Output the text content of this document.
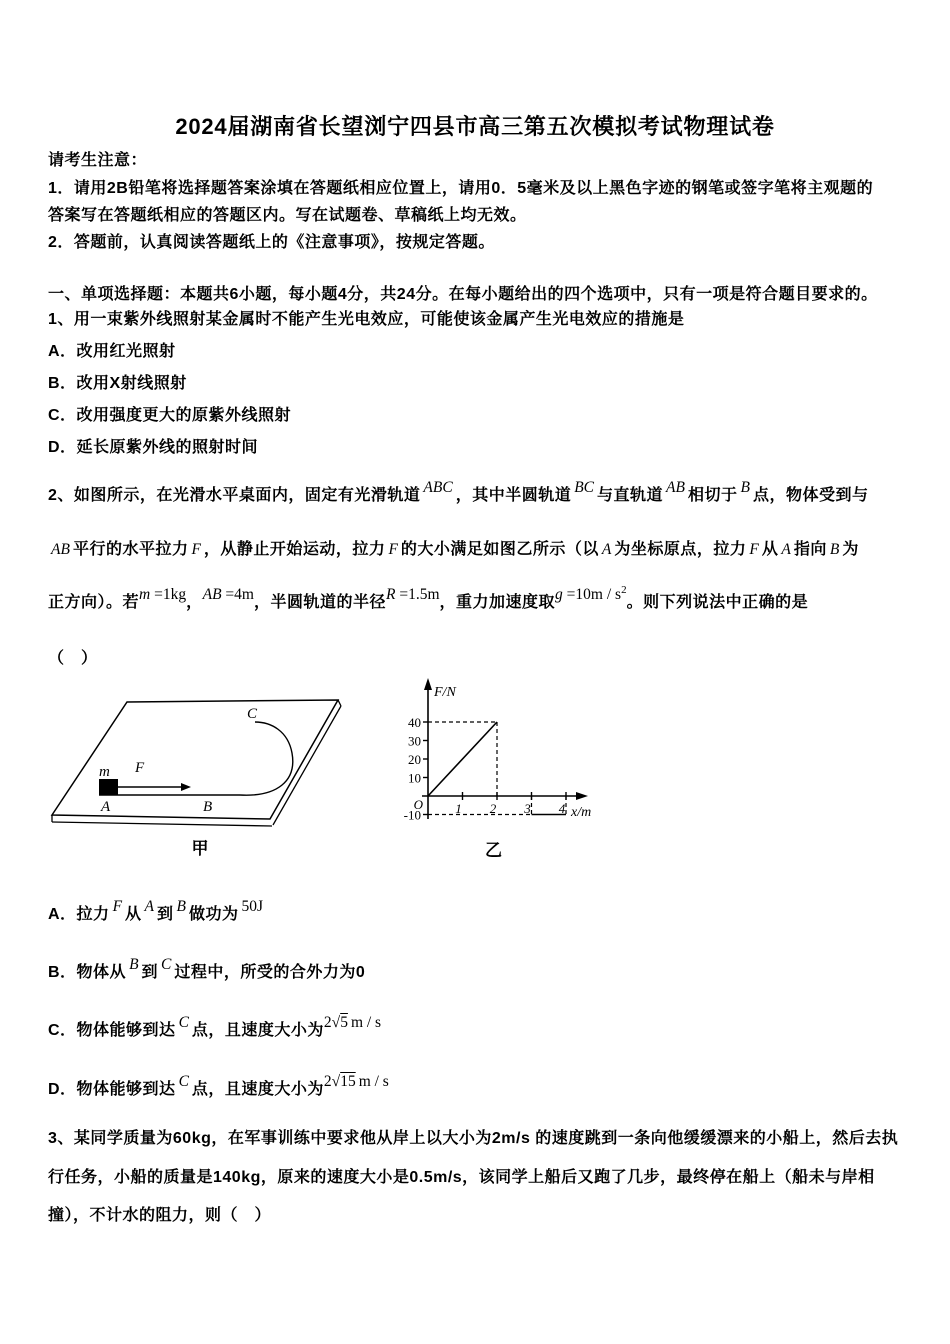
2024届湖南省长望浏宁四县市高三第五次模拟考试物理试卷
请考生注意：
1．请用2B铅笔将选择题答案涂填在答题纸相应位置上，请用0．5毫米及以上黑色字迹的钢笔或签字笔将主观题的
答案写在答题纸相应的答题区内。写在试题卷、草稿纸上均无效。
2．答题前，认真阅读答题纸上的《注意事项》，按规定答题。
一、单项选择题：本题共6小题，每小题4分，共24分。在每小题给出的四个选项中，只有一项是符合题目要求的。
1、用一束紫外线照射某金属时不能产生光电效应，可能使该金属产生光电效应的措施是
A．改用红光照射
B．改用X射线照射
C．改用强度更大的原紫外线照射
D．延长原紫外线的照射时间
2、如图所示，在光滑水平桌面内，固定有光滑轨道 ABC ，其中半圆轨道 BC 与直轨道 AB 相切于 B 点，物体受到与
AB 平行的水平拉力 F ，从静止开始运动，拉力 F 的大小满足如图乙所示（以 A 为坐标原点，拉力 F 从 A 指向 B 为
正方向）。若m =1kg，AB =4m，半圆轨道的半径R =1.5m，重力加速度取$g =10m / s^2$。则下列说法中正确的是
（　）
m F
A	B
C
甲
F/N
x/m
O 1 2 3 4
-10
10
20
30
40
乙
A．拉力 F 从 A 到 B 做功为 50J
B．物体从 B 到 C 过程中，所受的合外力为0
C．物体能够到达 C 点，且速度大小为2√5 m / s
D．物体能够到达 C 点，且速度大小为2√15 m / s
3、某同学质量为60kg，在军事训练中要求他从岸上以大小为2m/s 的速度跳到一条向他缓缓漂来的小船上，然后去执
行任务，小船的质量是140kg，原来的速度大小是0.5m/s，该同学上船后又跑了几步，最终停在船上（船未与岸相
撞），不计水的阻力，则（　）
